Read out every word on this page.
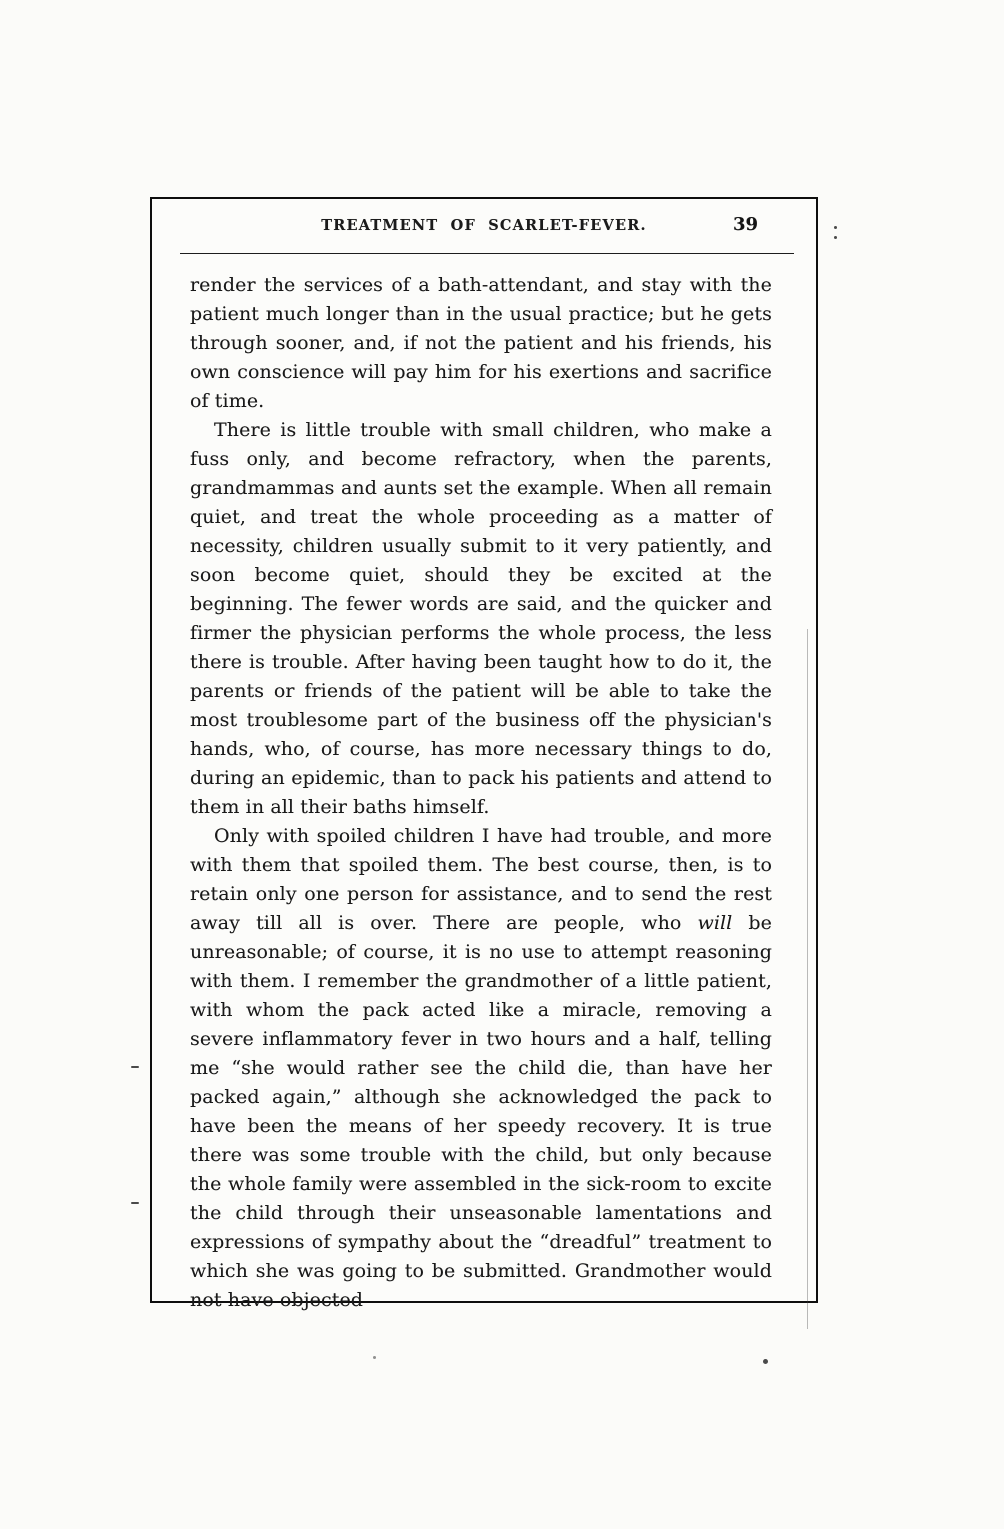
TREATMENT OF SCARLET-FEVER.	39

render the services of a bath-attendant, and stay with the patient much longer than in the usual practice; but he gets through sooner, and, if not the patient and his friends, his own conscience will pay him for his exertions and sacrifice of time.

There is little trouble with small children, who make a fuss only, and become refractory, when the parents, grandmammas and aunts set the example. When all remain quiet, and treat the whole proceeding as a matter of necessity, children usually submit to it very patiently, and soon become quiet, should they be excited at the beginning. The fewer words are said, and the quicker and firmer the physician performs the whole process, the less there is trouble. After having been taught how to do it, the parents or friends of the patient will be able to take the most troublesome part of the business off the physician's hands, who, of course, has more necessary things to do, during an epidemic, than to pack his patients and attend to them in all their baths himself.

Only with spoiled children I have had trouble, and more with them that spoiled them. The best course, then, is to retain only one person for assistance, and to send the rest away till all is over. There are people, who will be unreasonable; of course, it is no use to attempt reasoning with them. I remember the grandmother of a little patient, with whom the pack acted like a miracle, removing a severe inflammatory fever in two hours and a half, telling me “she would rather see the child die, than have her packed again,” although she acknowledged the pack to have been the means of her speedy recovery. It is true there was some trouble with the child, but only because the whole family were assembled in the sick-room to excite the child through their unseasonable lamentations and expressions of sympathy about the “dreadful” treatment to which she was going to be submitted. Grandmother would not have objected
